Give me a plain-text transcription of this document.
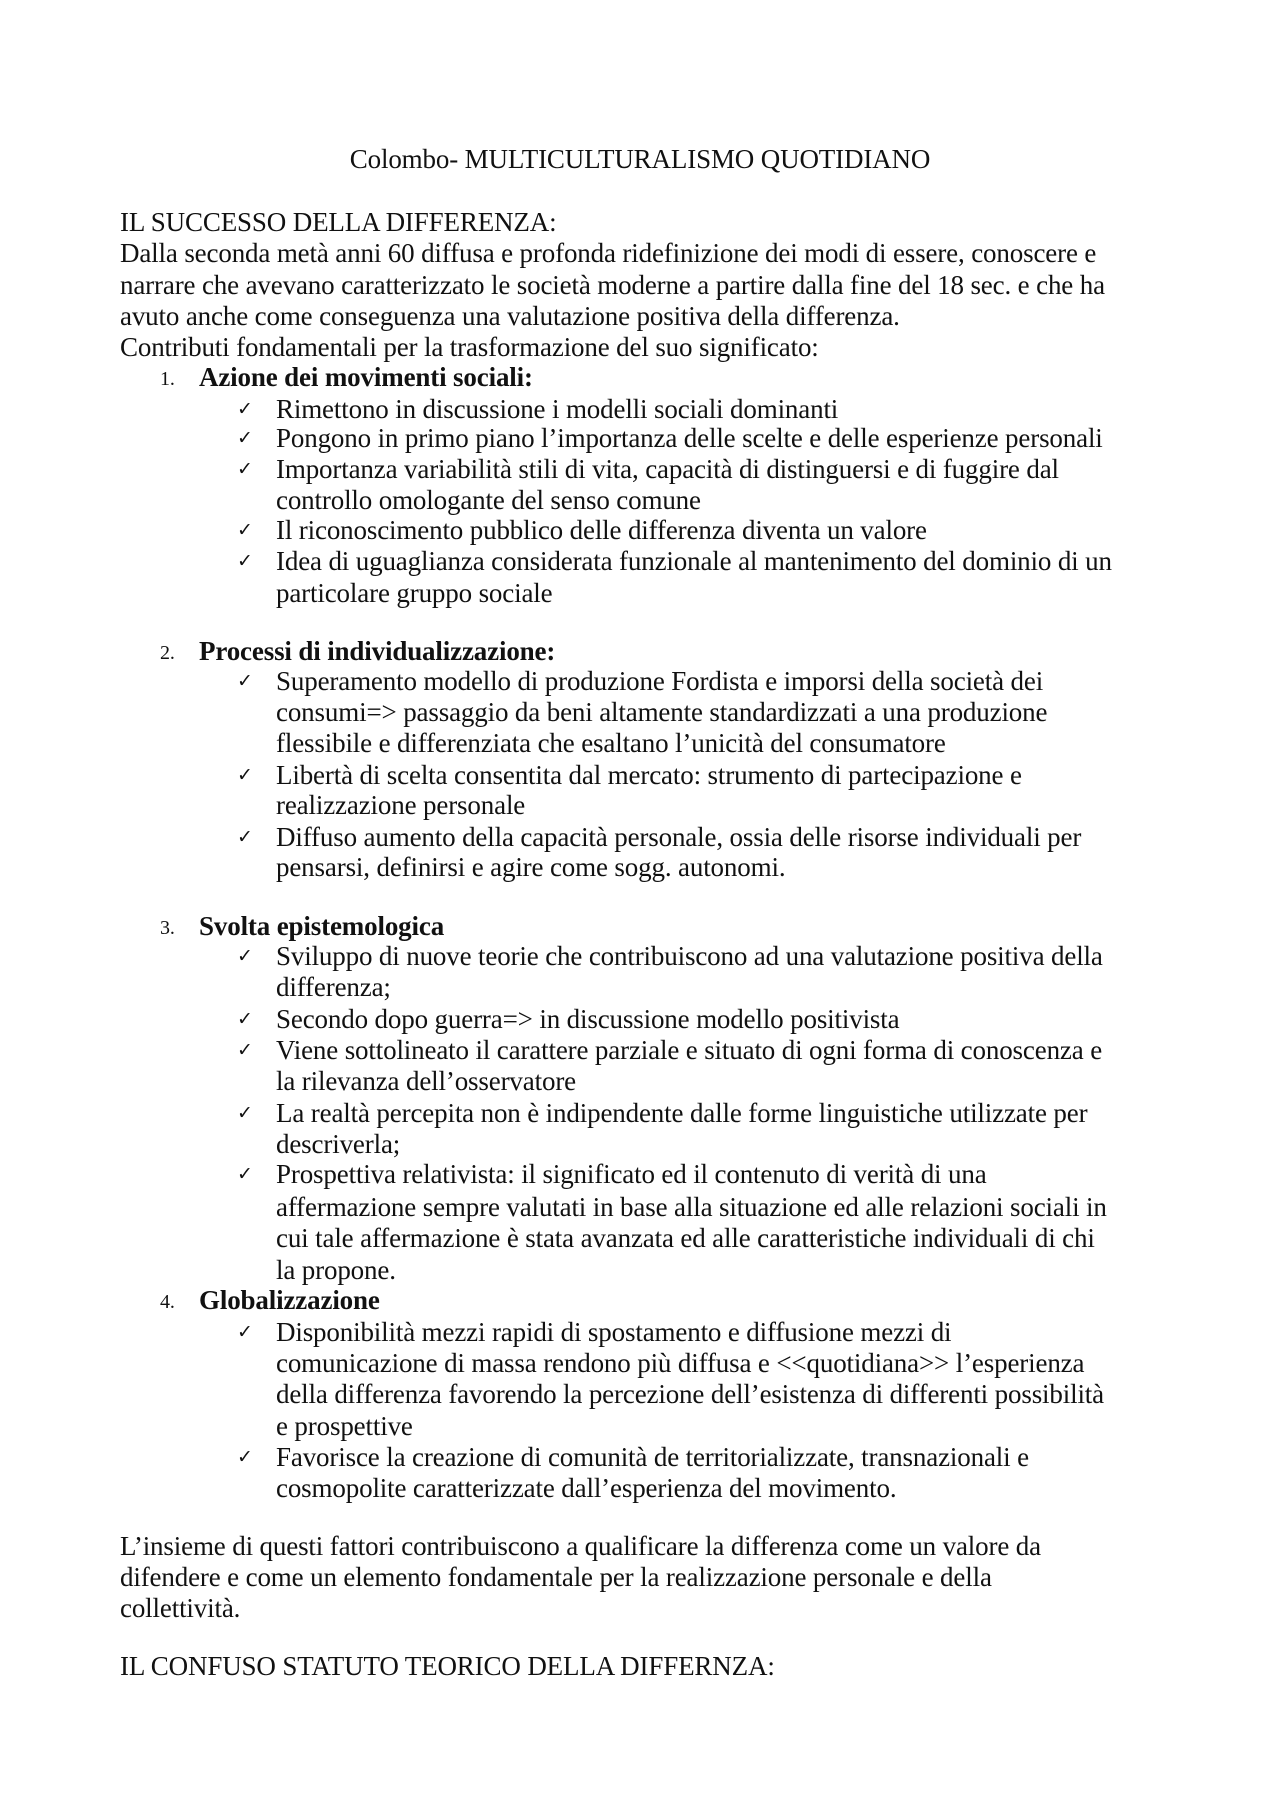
Colombo- MULTICULTURALISMO QUOTIDIANO
IL SUCCESSO DELLA DIFFERENZA:
Dalla seconda metà anni 60 diffusa e profonda ridefinizione dei modi di essere, conoscere e
narrare che avevano caratterizzato le società moderne a partire dalla fine del 18 sec. e che ha
avuto anche come conseguenza una valutazione positiva della differenza.
Contributi fondamentali per la trasformazione del suo significato:
1. Azione dei movimenti sociali:
✓ Rimettono in discussione i modelli sociali dominanti
✓ Pongono in primo piano l’importanza delle scelte e delle esperienze personali
✓ Importanza variabilità stili di vita, capacità di distinguersi e di fuggire dal
controllo omologante del senso comune
✓ Il riconoscimento pubblico delle differenza diventa un valore
✓ Idea di uguaglianza considerata funzionale al mantenimento del dominio di un
particolare gruppo sociale
2. Processi di individualizzazione:
✓ Superamento modello di produzione Fordista e imporsi della società dei
consumi=> passaggio da beni altamente standardizzati a una produzione
flessibile e differenziata che esaltano l’unicità del consumatore
✓ Libertà di scelta consentita dal mercato: strumento di partecipazione e
realizzazione personale
✓ Diffuso aumento della capacità personale, ossia delle risorse individuali per
pensarsi, definirsi e agire come sogg. autonomi.
3. Svolta epistemologica
✓ Sviluppo di nuove teorie che contribuiscono ad una valutazione positiva della
differenza;
✓ Secondo dopo guerra=> in discussione modello positivista
✓ Viene sottolineato il carattere parziale e situato di ogni forma di conoscenza e
la rilevanza dell’osservatore
✓ La realtà percepita non è indipendente dalle forme linguistiche utilizzate per
descriverla;
✓ Prospettiva relativista: il significato ed il contenuto di verità di una
affermazione sempre valutati in base alla situazione ed alle relazioni sociali in
cui tale affermazione è stata avanzata ed alle caratteristiche individuali di chi
la propone.
4. Globalizzazione
✓ Disponibilità mezzi rapidi di spostamento e diffusione mezzi di
comunicazione di massa rendono più diffusa e <<quotidiana>> l’esperienza
della differenza favorendo la percezione dell’esistenza di differenti possibilità
e prospettive
✓ Favorisce la creazione di comunità de territorializzate, transnazionali e
cosmopolite caratterizzate dall’esperienza del movimento.
L’insieme di questi fattori contribuiscono a qualificare la differenza come un valore da
difendere e come un elemento fondamentale per la realizzazione personale e della
collettività.
IL CONFUSO STATUTO TEORICO DELLA DIFFERNZA:
